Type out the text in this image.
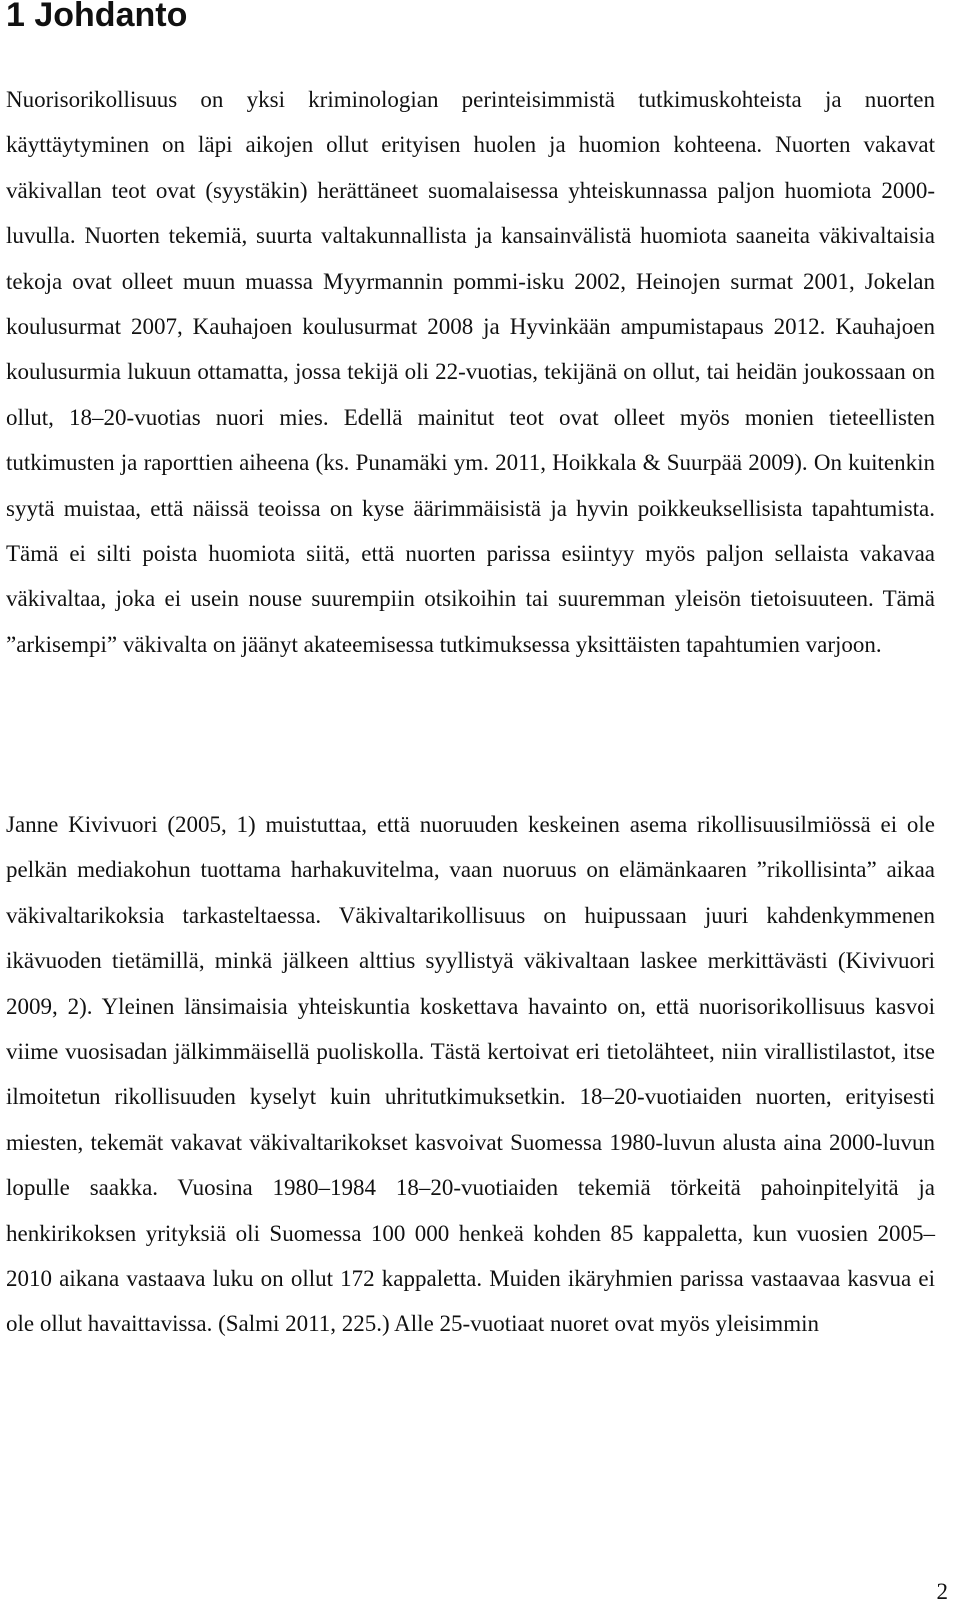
1 Johdanto

Nuorisorikollisuus on yksi kriminologian perinteisimmistä tutkimuskohteista ja nuorten käyttäytyminen on läpi aikojen ollut erityisen huolen ja huomion kohteena. Nuorten vakavat väkivallan teot ovat (syystäkin) herättäneet suomalaisessa yhteiskunnassa paljon huomiota 2000-luvulla. Nuorten tekemiä, suurta valtakunnallista ja kansainvälistä huomiota saaneita väkivaltaisia tekoja ovat olleet muun muassa Myyrmannin pommi-isku 2002, Heinojen surmat 2001, Jokelan koulusurmat 2007, Kauhajoen koulusurmat 2008 ja Hyvinkään ampumistapaus 2012. Kauhajoen koulusurmia lukuun ottamatta, jossa tekijä oli 22-vuotias, tekijänä on ollut, tai heidän joukossaan on ollut, 18–20-vuotias nuori mies. Edellä mainitut teot ovat olleet myös monien tieteellisten tutkimusten ja raporttien aiheena (ks. Punamäki ym. 2011, Hoikkala & Suurpää 2009). On kuitenkin syytä muistaa, että näissä teoissa on kyse äärimmäisistä ja hyvin poikkeuksellisista tapahtumista. Tämä ei silti poista huomiota siitä, että nuorten parissa esiintyy myös paljon sellaista vakavaa väkivaltaa, joka ei usein nouse suurempiin otsikoihin tai suuremman yleisön tietoisuuteen. Tämä ”arkisempi” väkivalta on jäänyt akateemisessa tutkimuksessa yksittäisten tapahtumien varjoon.

Janne Kivivuori (2005, 1) muistuttaa, että nuoruuden keskeinen asema rikollisuusilmiössä ei ole pelkän mediakohun tuottama harhakuvitelma, vaan nuoruus on elämänkaaren ”rikollisinta” aikaa väkivaltarikoksia tarkasteltaessa. Väkivaltarikollisuus on huipussaan juuri kahdenkymmenen ikävuoden tietämillä, minkä jälkeen alttius syyllistyä väkivaltaan laskee merkittävästi (Kivivuori 2009, 2). Yleinen länsimaisia yhteiskuntia koskettava havainto on, että nuorisorikollisuus kasvoi viime vuosisadan jälkimmäisellä puoliskolla. Tästä kertoivat eri tietolähteet, niin virallistilastot, itse ilmoitetun rikollisuuden kyselyt kuin uhritutkimuksetkin. 18–20-vuotiaiden nuorten, erityisesti miesten, tekemät vakavat väkivaltarikokset kasvoivat Suomessa 1980-luvun alusta aina 2000-luvun lopulle saakka. Vuosina 1980–1984 18–20-vuotiaiden tekemiä törkeitä pahoinpitelyitä ja henkirikoksen yrityksiä oli Suomessa 100 000 henkeä kohden 85 kappaletta, kun vuosien 2005–2010 aikana vastaava luku on ollut 172 kappaletta. Muiden ikäryhmien parissa vastaavaa kasvua ei ole ollut havaittavissa. (Salmi 2011, 225.) Alle 25-vuotiaat nuoret ovat myös yleisimmin

2
